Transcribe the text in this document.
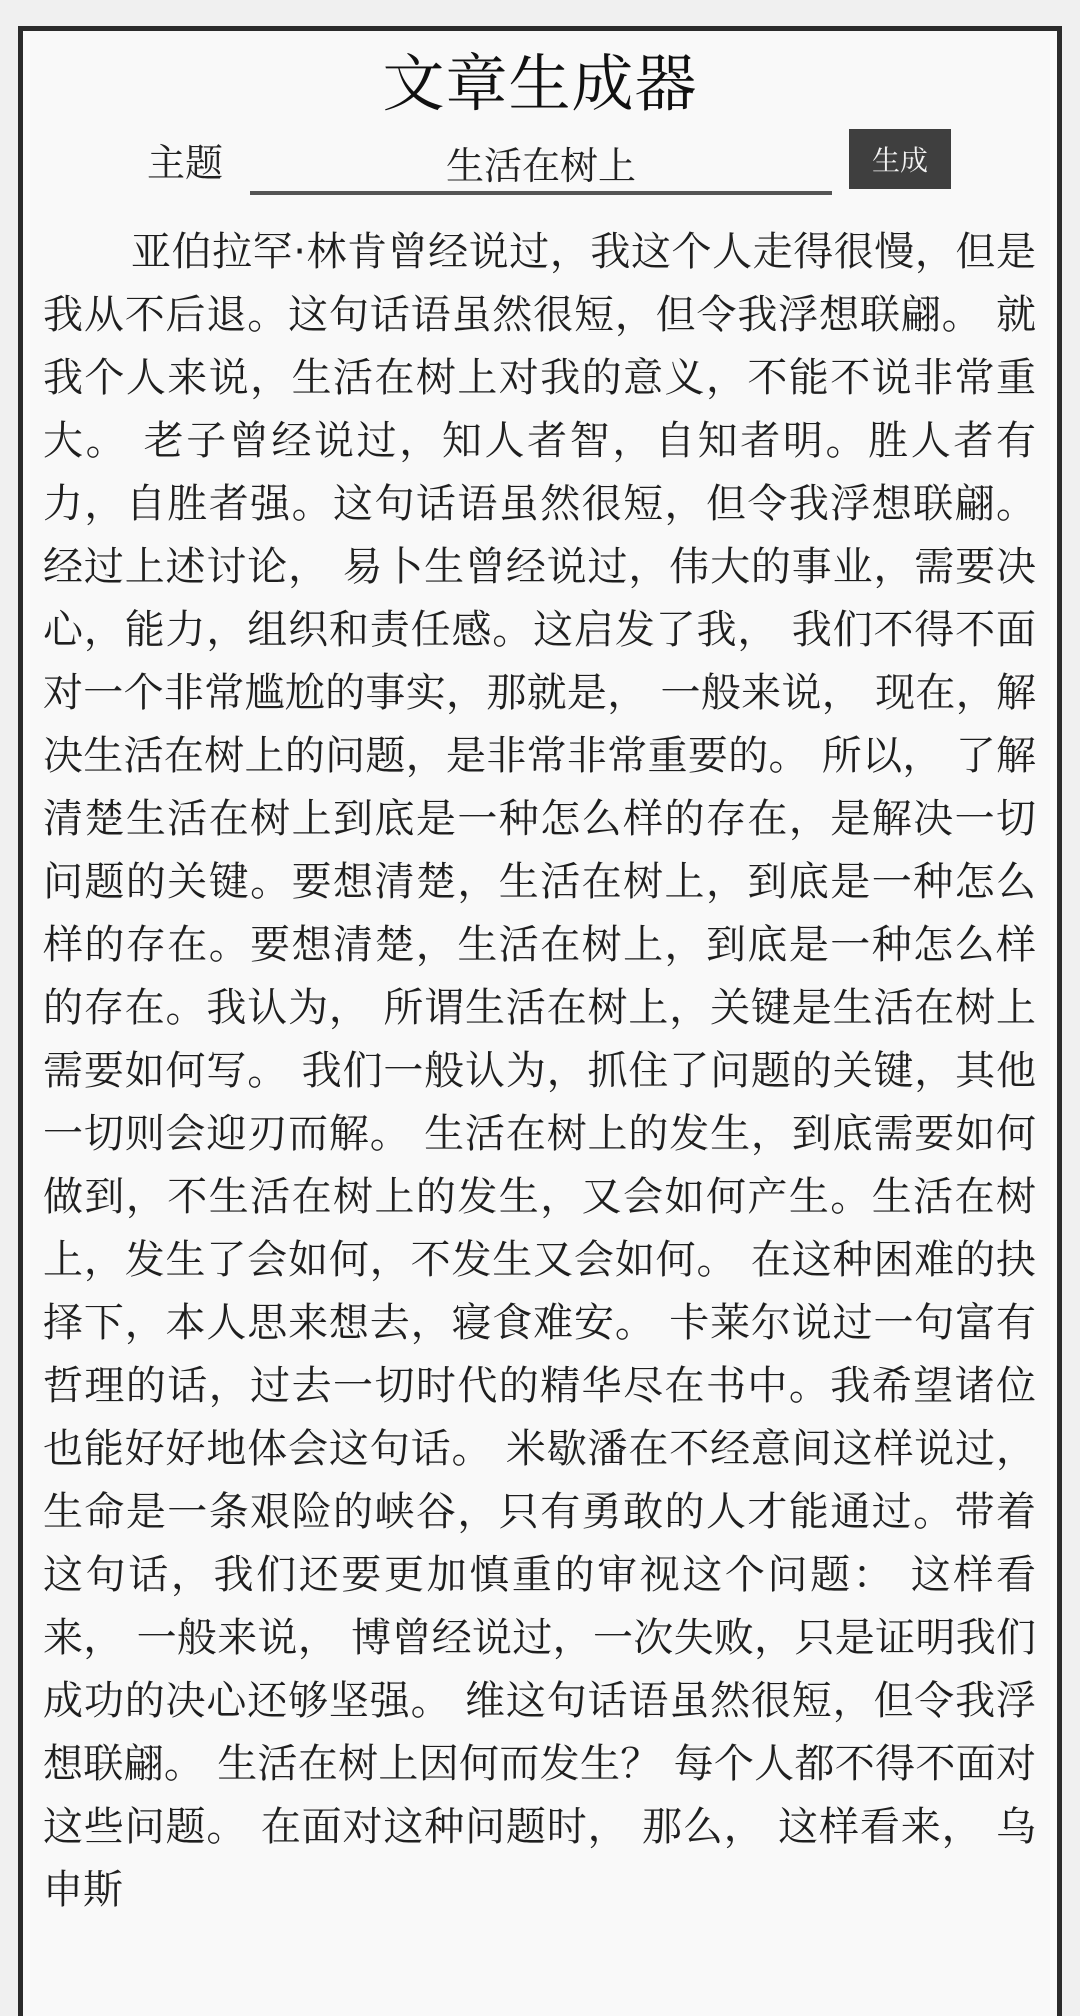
文章生成器
主题
生活在树上	生成

亚伯拉罕·林肯曾经说过，我这个人走得很慢，但是我从不后退。这句话语虽然很短，但令我浮想联翩。 就我个人来说，生活在树上对我的意义，不能不说非常重大。 老子曾经说过，知人者智，自知者明。胜人者有力，自胜者强。这句话语虽然很短，但令我浮想联翩。 经过上述讨论， 易卜生曾经说过，伟大的事业，需要决心，能力，组织和责任感。这启发了我， 我们不得不面对一个非常尴尬的事实，那就是， 一般来说， 现在，解决生活在树上的问题，是非常非常重要的。 所以， 了解清楚生活在树上到底是一种怎么样的存在，是解决一切问题的关键。要想清楚，生活在树上，到底是一种怎么样的存在。要想清楚，生活在树上，到底是一种怎么样的存在。我认为， 所谓生活在树上，关键是生活在树上需要如何写。 我们一般认为，抓住了问题的关键，其他一切则会迎刃而解。 生活在树上的发生，到底需要如何做到，不生活在树上的发生，又会如何产生。生活在树上，发生了会如何，不发生又会如何。 在这种困难的抉择下，本人思来想去，寝食难安。 卡莱尔说过一句富有哲理的话，过去一切时代的精华尽在书中。我希望诸位也能好好地体会这句话。 米歇潘在不经意间这样说过，生命是一条艰险的峡谷，只有勇敢的人才能通过。带着这句话，我们还要更加慎重的审视这个问题： 这样看来， 一般来说， 博曾经说过，一次失败，只是证明我们成功的决心还够坚强。 维这句话语虽然很短，但令我浮想联翩。 生活在树上因何而发生？ 每个人都不得不面对这些问题。 在面对这种问题时， 那么， 这样看来， 乌申斯
